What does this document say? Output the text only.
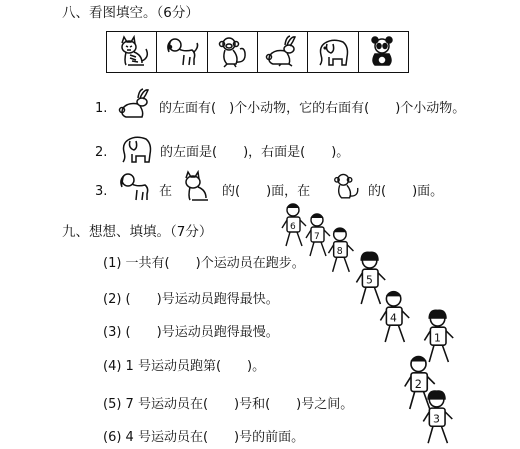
八、看图填空。（6分）
1.	的左面有(　)个小动物，它的右面有(　　)个小动物。
2.	的左面是(　　)，右面是(　　)。
3.	在	的(　　)面，在	的(　　)面。
九、想想、填填。（7分）
(1) 一共有(　　)个运动员在跑步。
(2) (　　)号运动员跑得最快。
(3) (　　)号运动员跑得最慢。
(4) 1 号运动员跑第(　　)。
(5) 7 号运动员在(　　)号和(　　)号之间。
(6) 4 号运动员在(　　)号的前面。
6
7
8
5
4
1
2
3
